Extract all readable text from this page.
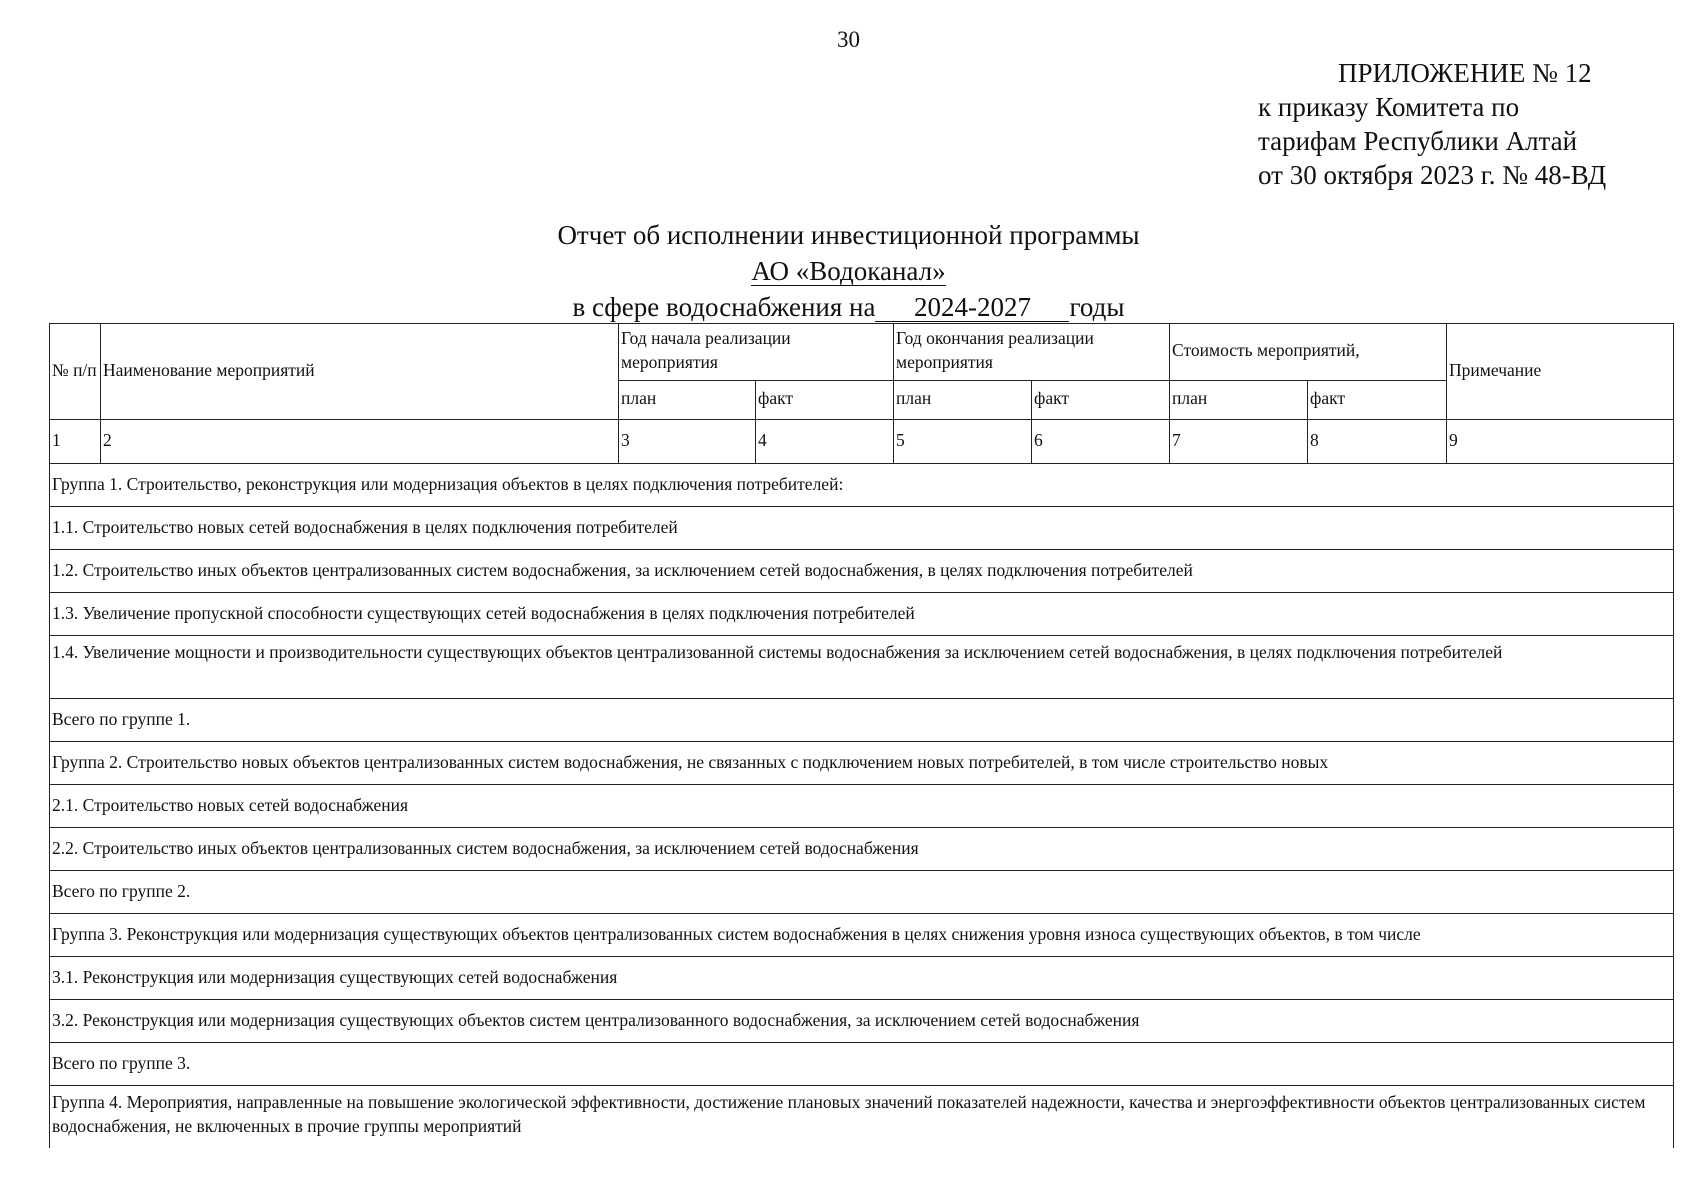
30
ПРИЛОЖЕНИЕ № 12
к приказу Комитета по
тарифам Республики Алтай
от 30 октября 2023 г. № 48-ВД
Отчет об исполнении инвестиционной программы
АО «Водоканал»
в сфере водоснабжения на 2024-2027 годы
№ п/п	Наименование мероприятий	Год начала реализации мероприятия		Год окончания реализации мероприятия		Стоимость мероприятий,		Примечание
		план	факт	план	факт	план	факт	
1	2	3	4	5	6	7	8	9
Группа 1. Строительство, реконструкция или модернизация объектов в целях подключения потребителей:								
1.1. Строительство новых сетей водоснабжения в целях подключения потребителей								
1.2. Строительство иных объектов централизованных систем водоснабжения, за исключением сетей водоснабжения, в целях подключения потребителей								
1.3. Увеличение пропускной способности существующих сетей водоснабжения в целях подключения потребителей								
1.4. Увеличение мощности и производительности существующих объектов централизованной системы водоснабжения за исключением сетей водоснабжения, в целях подключения потребителей								
Всего по группе 1.								
Группа 2. Строительство новых объектов централизованных систем водоснабжения, не связанных с подключением новых потребителей, в том числе строительство новых								
2.1. Строительство новых сетей водоснабжения								
2.2. Строительство иных объектов централизованных систем водоснабжения, за исключением сетей водоснабжения								
Всего по группе 2.								
Группа 3. Реконструкция или модернизация существующих объектов централизованных систем водоснабжения в целях снижения уровня износа существующих объектов, в том числе								
3.1. Реконструкция или модернизация существующих сетей водоснабжения								
3.2. Реконструкция или модернизация существующих объектов систем централизованного водоснабжения, за исключением сетей водоснабжения								
Всего по группе 3.								
Группа 4. Мероприятия, направленные на повышение экологической эффективности, достижение плановых значений показателей надежности, качества и энергоэффективности объектов централизованных систем водоснабжения, не включенных в прочие группы мероприятий								
